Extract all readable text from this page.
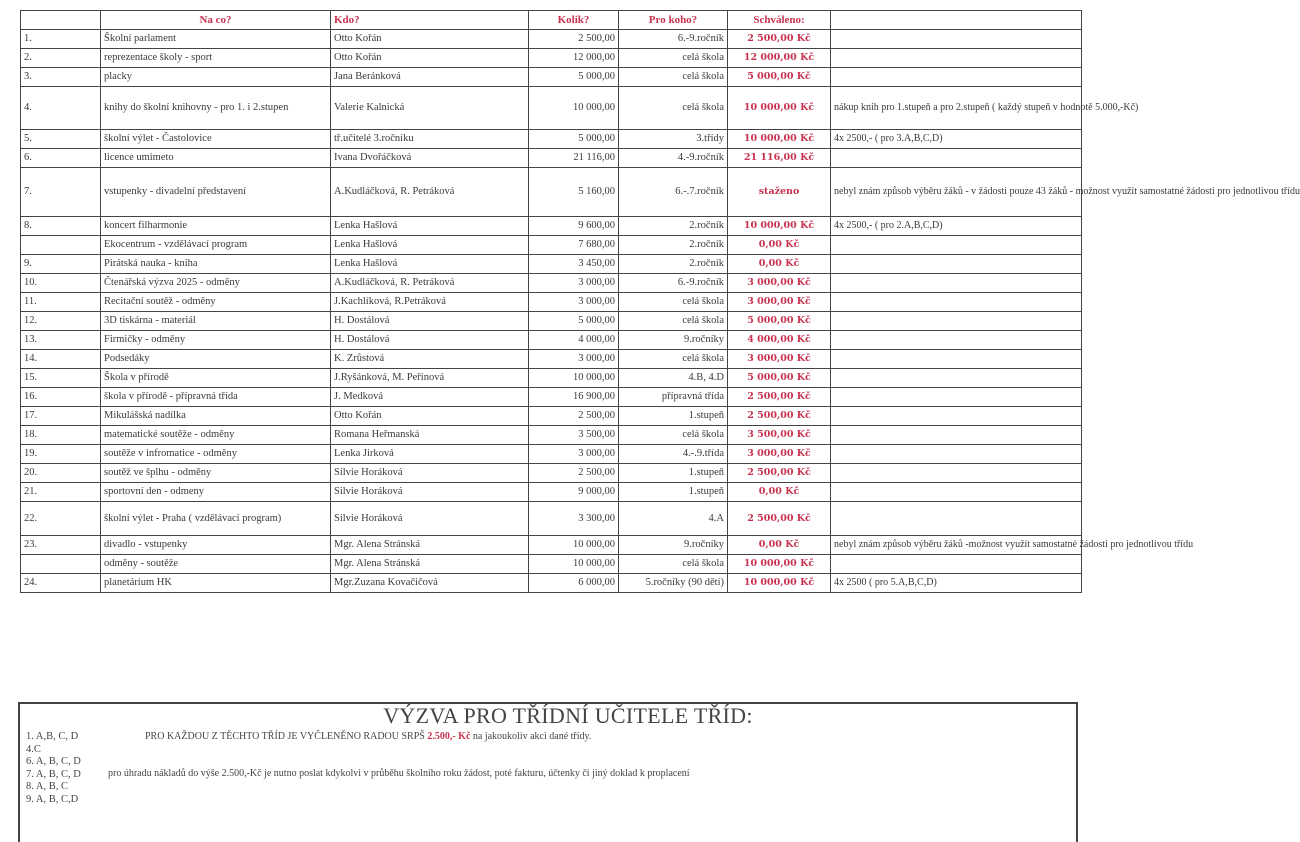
	Na co?	Kdo?	Kolik?	Pro koho?	Schváleno:	
1.	Školní parlament	Otto Kořán	2 500,00	6.-9.ročník	2 500,00 Kč	
2.	reprezentace školy - sport	Otto Kořán	12 000,00	celá škola	12 000,00 Kč	
3.	placky	Jana Beránková	5 000,00	celá škola	5 000,00 Kč	
4.	knihy do školní knihovny - pro 1. i 2.stupen	Valerie Kalnická	10 000,00	celá škola	10 000,00 Kč	nákup knih pro 1.stupeň a pro 2.stupeň ( každý stupeň v hodnotě 5.000,-Kč)
5.	školní výlet - Častolovice	tř.učitelé 3.ročníku	5 000,00	3.třídy	10 000,00 Kč	4x 2500,- ( pro 3.A,B,C,D)
6.	licence umimeto	Ivana Dvořáčková	21 116,00	4.-9.ročník	21 116,00 Kč	
7.	vstupenky - divadelní představení	A.Kudláčková, R. Petráková	5 160,00	6.-.7.ročník	staženo	nebyl znám způsob výběru žáků - v žádosti pouze 43 žáků - možnost využít samostatné žádosti pro jednotlivou třídu
8.	koncert filharmonie	Lenka Hašlová	9 600,00	2.ročník	10 000,00 Kč	4x 2500,- ( pro 2.A,B,C,D)
	Ekocentrum - vzdělávací program	Lenka Hašlová	7 680,00	2.ročník	0,00 Kč	
9.	Pirátská nauka - kniha	Lenka Hašlová	3 450,00	2.ročník	0,00 Kč	
10.	Čtenářská výzva 2025 - odměny	A.Kudláčková, R. Petráková	3 000,00	6.-9.ročník	3 000,00 Kč	
11.	Recitační soutěž - odměny	J.Kachlíková, R.Petráková	3 000,00	celá škola	3 000,00 Kč	
12.	3D tiskárna - materiál	H. Dostálová	5 000,00	celá škola	5 000,00 Kč	
13.	Firmičky - odměny	H. Dostálová	4 000,00	9.ročníky	4 000,00 Kč	
14.	Podsedáky	K. Zrůstová	3 000,00	celá škola	3 000,00 Kč	
15.	Škola v přírodě	J.Ryšánková, M. Peřinová	10 000,00	4.B, 4.D	5 000,00 Kč	
16.	škola v přírodě - přípravná třída	J. Medková	16 900,00	přípravná třída	2 500,00 Kč	
17.	Mikulášská nadílka	Otto Kořán	2 500,00	1.stupeň	2 500,00 Kč	
18.	matematické soutěže - odměny	Romana Heřmanská	3 500,00	celá škola	3 500,00 Kč	
19.	soutěže v infromatice - odměny	Lenka Jirková	3 000,00	4.-.9.třída	3 000,00 Kč	
20.	soutěž ve šplhu - odměny	Silvie Horáková	2 500,00	1.stupeň	2 500,00 Kč	
21.	sportovní den - odmeny	Silvie Horáková	9 000,00	1.stupeň	0,00 Kč	
22.	školní výlet - Praha ( vzdělávací program)	Silvie Horáková	3 300,00	4.A	2 500,00 Kč	
23.	divadlo - vstupenky	Mgr. Alena Stránská	10 000,00	9.ročníky	0,00 Kč	nebyl znám způsob výběru žáků -možnost využít samostatné žádosti pro jednotlivou třídu
	odměny - soutěže	Mgr. Alena Stránská	10 000,00	celá škola	10 000,00 Kč	
24.	planetárium HK	Mgr.Zuzana Kovačičová	6 000,00	5.ročníky (90 dětí)	10 000,00 Kč	4x 2500 ( pro 5.A,B,C,D)
VÝZVA PRO TŘÍDNÍ UČITELE TŘÍD:
1. A,B, C, D
4.C
6. A, B, C, D
7. A, B, C, D
8. A, B, C
9. A, B, C,D
PRO KAŽDOU Z TĚCHTO TŘÍD JE VYČLENĚNO RADOU SRPŠ 2.500,- Kč na jakoukoliv akci dané třídy.
pro úhradu nákladů do výše 2.500,-Kč je nutno poslat kdykolvi v průběhu školního roku žádost, poté fakturu, účtenky či jiný doklad k proplacení
